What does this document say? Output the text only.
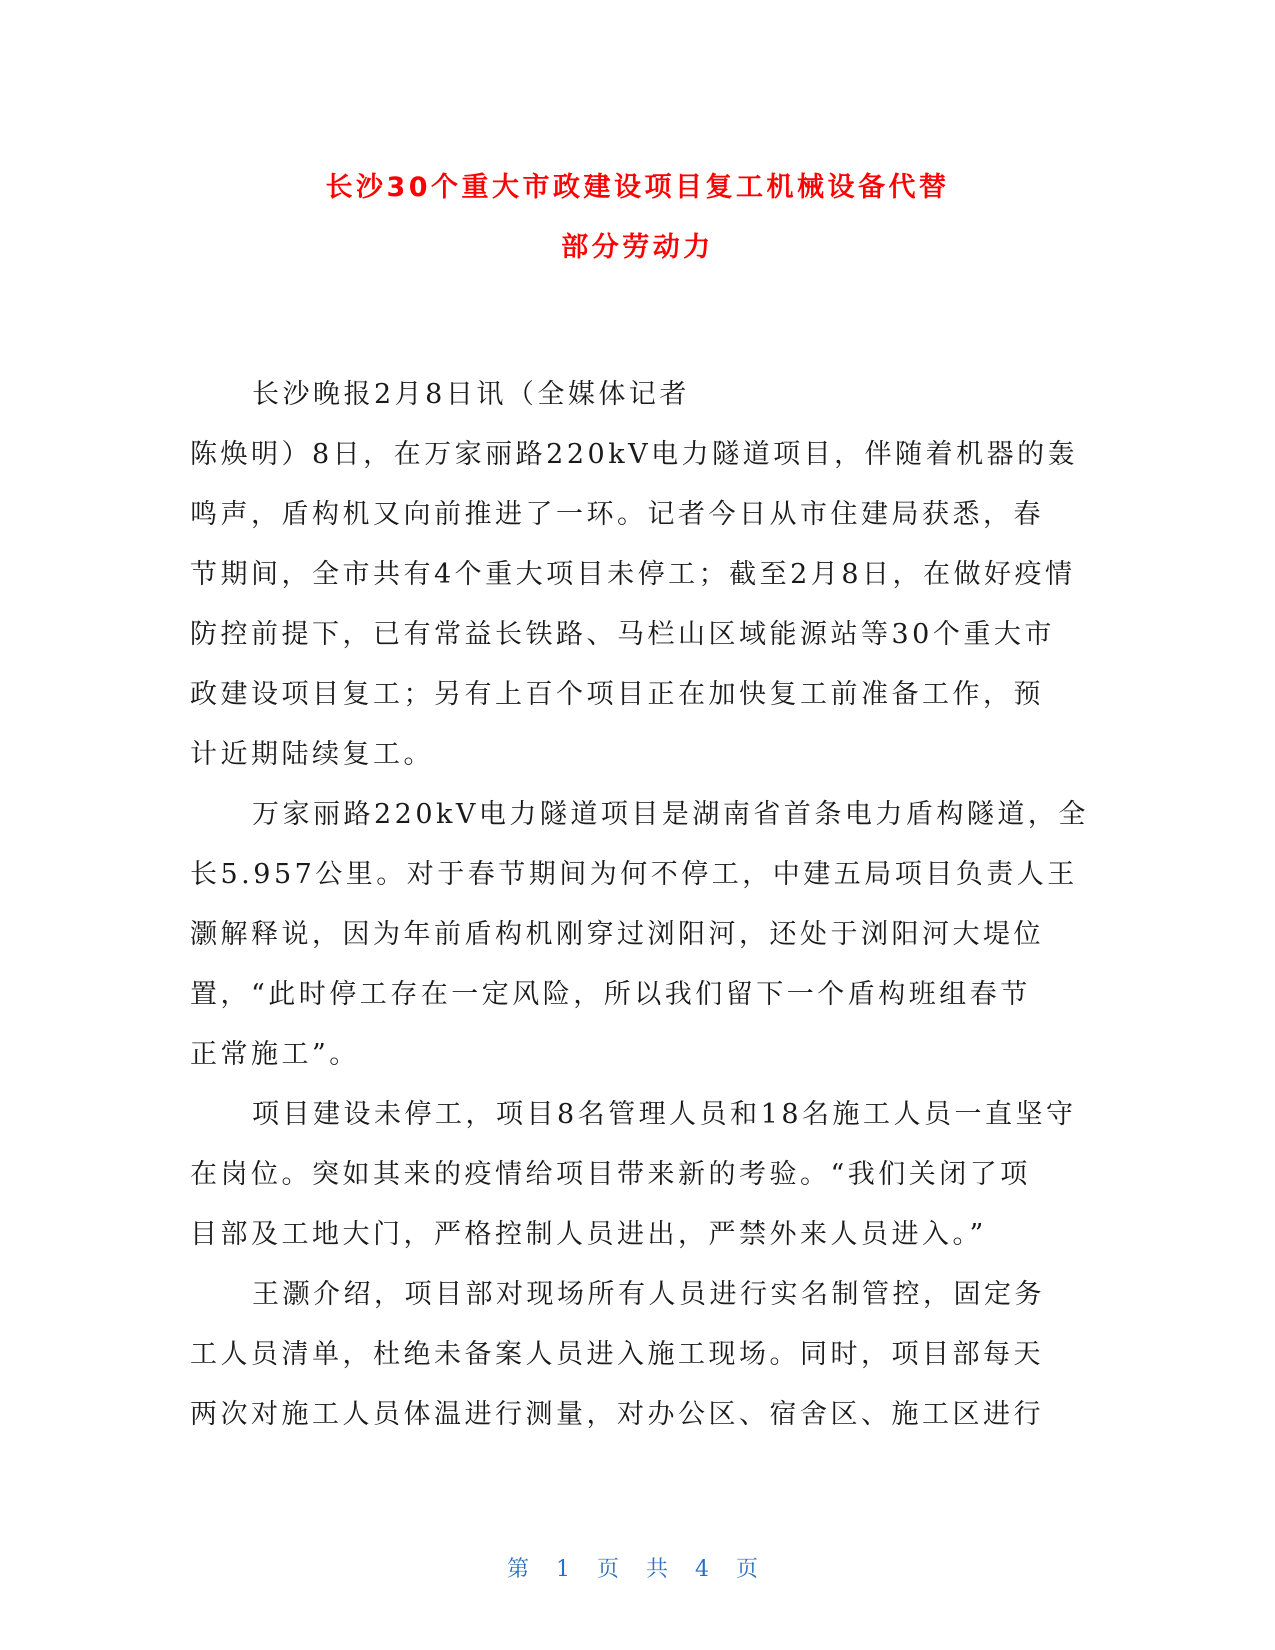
长沙30个重大市政建设项目复工机械设备代替
部分劳动力
长沙晚报2月8日讯（全媒体记者
陈焕明）8日，在万家丽路220kV电力隧道项目，伴随着机器的轰
鸣声，盾构机又向前推进了一环。记者今日从市住建局获悉，春
节期间，全市共有4个重大项目未停工；截至2月8日，在做好疫情
防控前提下，已有常益长铁路、马栏山区域能源站等30个重大市
政建设项目复工；另有上百个项目正在加快复工前准备工作，预
计近期陆续复工。
万家丽路220kV电力隧道项目是湖南省首条电力盾构隧道，全
长5.957公里。对于春节期间为何不停工，中建五局项目负责人王
灏解释说，因为年前盾构机刚穿过浏阳河，还处于浏阳河大堤位
置，“此时停工存在一定风险，所以我们留下一个盾构班组春节
正常施工”。
项目建设未停工，项目8名管理人员和18名施工人员一直坚守
在岗位。突如其来的疫情给项目带来新的考验。“我们关闭了项
目部及工地大门，严格控制人员进出，严禁外来人员进入。”
王灏介绍，项目部对现场所有人员进行实名制管控，固定务
工人员清单，杜绝未备案人员进入施工现场。同时，项目部每天
两次对施工人员体温进行测量，对办公区、宿舍区、施工区进行
第 1 页 共 4 页
